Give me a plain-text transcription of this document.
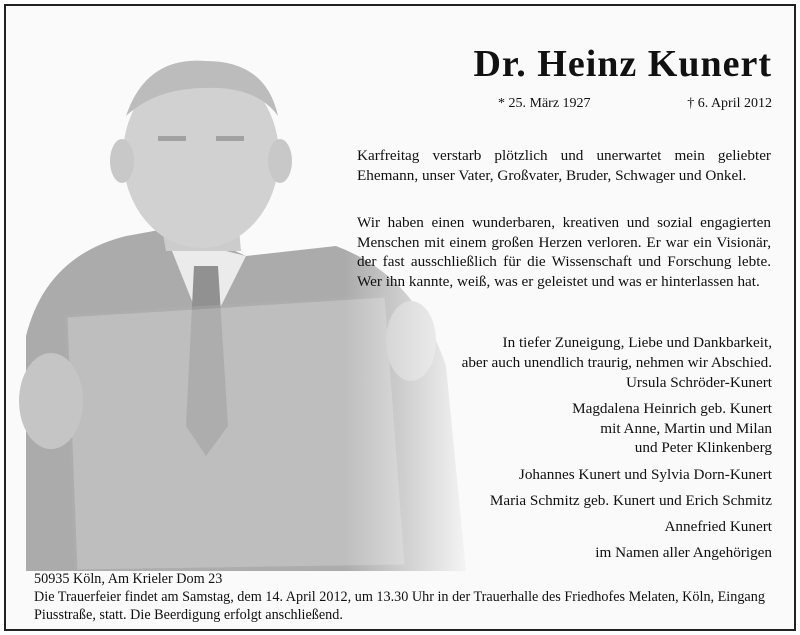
Dr. Heinz Kunert
* 25. März 1927	† 6. April 2012

Karfreitag verstarb plötzlich und unerwartet mein geliebter Ehemann, unser Vater, Großvater, Bruder, Schwager und Onkel.

Wir haben einen wunderbaren, kreativen und sozial engagierten Menschen mit einem großen Herzen verloren. Er war ein Visionär, der fast ausschließlich für die Wissenschaft und Forschung lebte. Wer ihn kannte, weiß, was er geleistet und was er hinterlassen hat.

In tiefer Zuneigung, Liebe und Dankbarkeit,
aber auch unendlich traurig, nehmen wir Abschied.

Ursula Schröder-Kunert

Magdalena Heinrich geb. Kunert
mit Anne, Martin und Milan
und Peter Klinkenberg

Johannes Kunert und Sylvia Dorn-Kunert

Maria Schmitz geb. Kunert und Erich Schmitz

Annefried Kunert

im Namen aller Angehörigen

50935 Köln, Am Krieler Dom 23

Die Trauerfeier findet am Samstag, dem 14. April 2012, um 13.30 Uhr in der Trauerhalle des Friedhofes Melaten, Köln, Eingang Piusstraße, statt. Die Beerdigung erfolgt anschließend.
